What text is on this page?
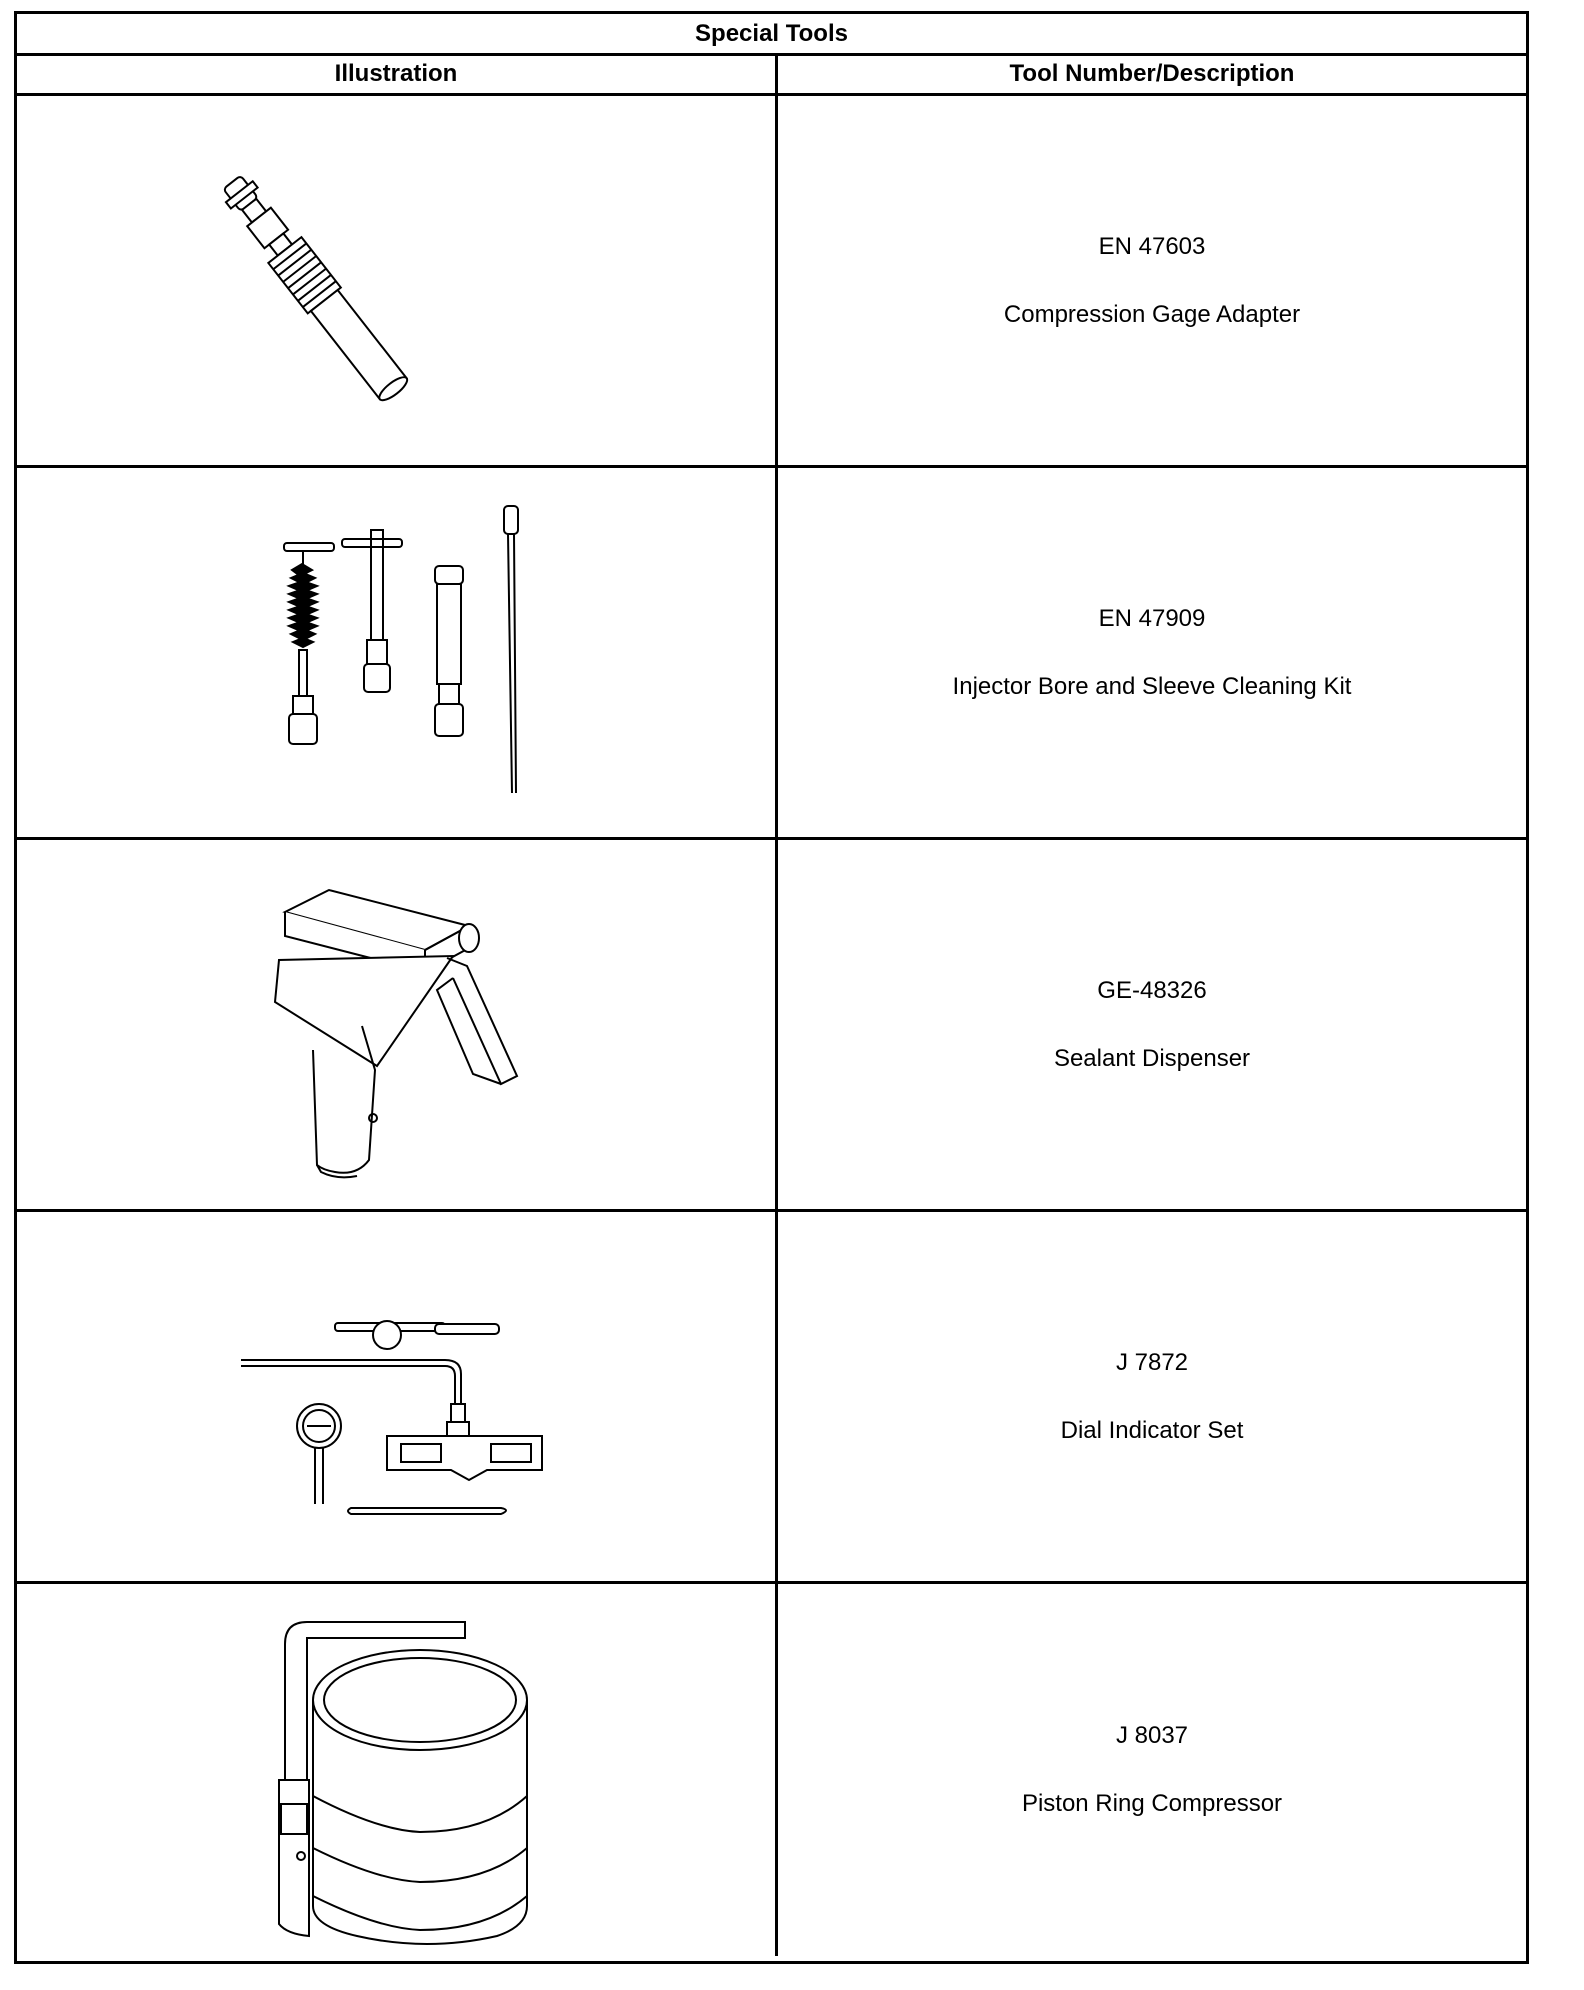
Special Tools
Illustration	Tool Number/Description
EN 47603
Compression Gage Adapter
EN 47909
Injector Bore and Sleeve Cleaning Kit
GE-48326
Sealant Dispenser
J 7872
Dial Indicator Set
J 8037
Piston Ring Compressor
